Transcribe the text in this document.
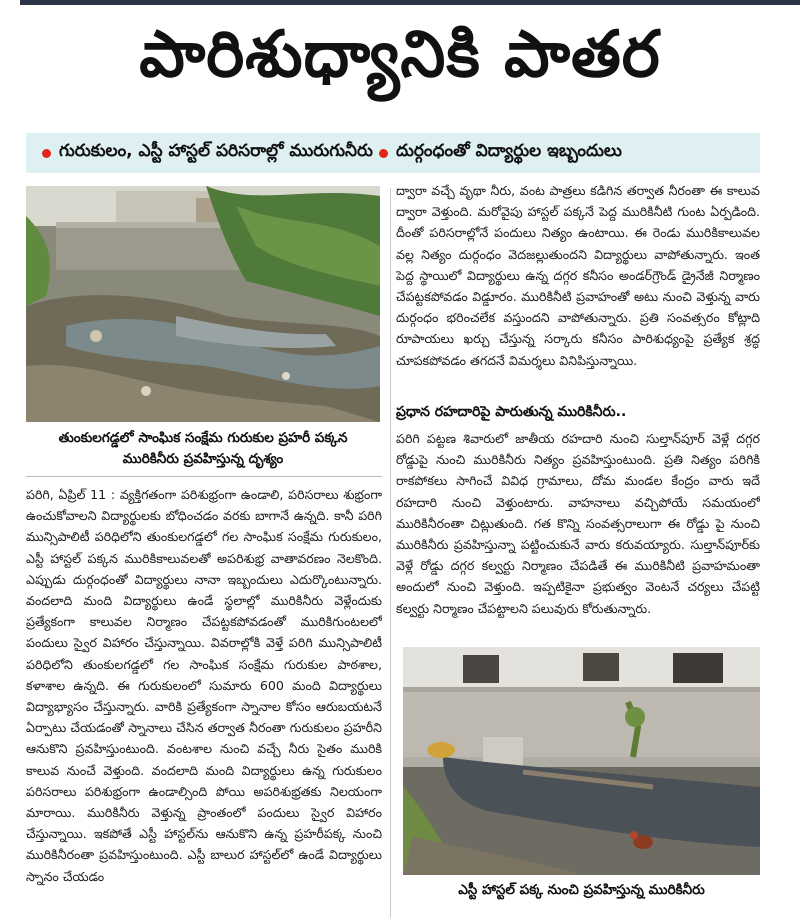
పారిశుధ్యానికి పాతర
గురుకులం, ఎస్టీ హాస్టల్ పరిసరాల్లో మురుగునీరు దుర్గంధంతో విద్యార్థుల ఇబ్బందులు
తుంకులగడ్డలో సాంఘిక సంక్షేమ గురుకుల ప్రహరీ పక్కన
మురికినీరు ప్రవహిస్తున్న దృశ్యం

పరిగి, ఏప్రిల్ 11 : వ్యక్తిగతంగా పరిశుభ్రంగా ఉండాలి, పరిసరాలు శుభ్రంగా ఉంచుకోవాలని విద్యార్థులకు బోధించడం వరకు బాగానే ఉన్నది. కానీ పరిగి మున్సిపాలిటీ పరిధిలోని తుంకులగడ్డలో గల సాంఘిక సంక్షేమ గురుకులం, ఎస్టీ హాస్టల్ పక్కన మురికికాలువలతో అపరిశుభ్ర వాతావరణం నెలకొంది. ఎప్పుడు దుర్గంధంతో విద్యార్థులు నానా ఇబ్బందులు ఎదుర్కొంటున్నారు. వందలాది మంది విద్యార్థులు ఉండే స్థలాల్లో మురికినీరు వెళ్లేందుకు ప్రత్యేకంగా కాలువల నిర్మాణం చేపట్టకపోవడంతో మురికిగుంటలలో పందులు స్వైర విహారం చేస్తున్నాయి. వివరాల్లోకి వెళ్తే పరిగి మున్సిపాలిటీ పరిధిలోని తుంకులగడ్డలో గల సాంఘిక సంక్షేమ గురుకుల పాఠశాల, కళాశాల ఉన్నది. ఈ గురుకులంలో సుమారు 600 మంది విద్యార్థులు విద్యాభ్యాసం చేస్తున్నారు. వారికి ప్రత్యేకంగా స్నానాల కోసం ఆరుబయటనే ఏర్పాటు చేయడంతో స్నానాలు చేసిన తర్వాత నీరంతా గురుకులం ప్రహరీని ఆనుకొని ప్రవహిస్తుంటుంది. వంటశాల నుంచి వచ్చే నీరు సైతం మురికి కాలువ నుంచే వెళ్తుంది. వందలాది మంది విద్యార్థులు ఉన్న గురుకులం పరిసరాలు పరిశుభ్రంగా ఉండాల్సింది పోయి అపరిశుభ్రతకు నిలయంగా మారాయి. మురికినీరు వెళ్తున్న ప్రాంతంలో పందులు స్వైర విహారం చేస్తున్నాయి. ఇకపోతే ఎస్టీ హాస్టల్‌ను ఆనుకొని ఉన్న ప్రహరీపక్క నుంచి మురికినీరంతా ప్రవహిస్తుంటుంది. ఎస్టీ బాలుర హాస్టల్‌లో ఉండే విద్యార్థులు స్నానం చేయడం

ద్వారా వచ్చే వృథా నీరు, వంట పాత్రలు కడిగిన తర్వాత నీరంతా ఈ కాలువ ద్వారా వెళ్తుంది. మరోవైపు హాస్టల్ పక్కనే పెద్ద మురికినీటి గుంట ఏర్పడింది. దీంతో పరిసరాల్లోనే పందులు నిత్యం ఉంటాయి. ఈ రెండు మురికికాలువల వల్ల నిత్యం దుర్గంధం వెదజల్లుతుందని విద్యార్థులు వాపోతున్నారు. ఇంత పెద్ద స్థాయిలో విద్యార్థులు ఉన్న దగ్గర కనీసం అండర్‌గ్రౌండ్ డ్రైనేజీ నిర్మాణం చేపట్టకపోవడం విడ్డూరం. మురికినీటి ప్రవాహంతో అటు నుంచి వెళ్తున్న వారు దుర్గంధం భరించలేక వస్తుందని వాపోతున్నారు. ప్రతి సంవత్సరం కోట్లాది రూపాయలు ఖర్చు చేస్తున్న సర్కారు కనీసం పారిశుధ్యంపై ప్రత్యేక శ్రద్ధ చూపకపోవడం తగదనే విమర్శలు వినిపిస్తున్నాయి.

ప్రధాన రహదారిపై పారుతున్న మురికినీరు..

పరిగి పట్టణ శివారులో జాతీయ రహదారి నుంచి సుల్తాన్‌పూర్ వెళ్లే దగ్గర రోడ్డుపై నుంచి మురికినీరు నిత్యం ప్రవహిస్తుంటుంది. ప్రతి నిత్యం పరిగికి రాకపోకలు సాగించే వివిధ గ్రామాలు, దోమ మండల కేంద్రం వారు ఇదే రహదారి నుంచి వెళ్తుంటారు. వాహనాలు వచ్చిపోయే సమయంలో మురికినీరంతా చిట్లుతుంది. గత కొన్ని సంవత్సరాలుగా ఈ రోడ్డు పై నుంచి మురికినీరు ప్రవహిస్తున్నా పట్టించుకునే వారు కరువయ్యారు. సుల్తాన్‌పూర్‌కు వెళ్లే రోడ్డు దగ్గర కల్వర్టు నిర్మాణం చేపడితే ఈ మురికినీటి ప్రవాహమంతా అందులో నుంచి వెళ్తుంది. ఇప్పటికైనా ప్రభుత్వం వెంటనే చర్యలు చేపట్టి కల్వర్టు నిర్మాణం చేపట్టాలని పలువురు కోరుతున్నారు.

ఎస్టీ హాస్టల్ పక్క నుంచి ప్రవహిస్తున్న మురికినీరు
